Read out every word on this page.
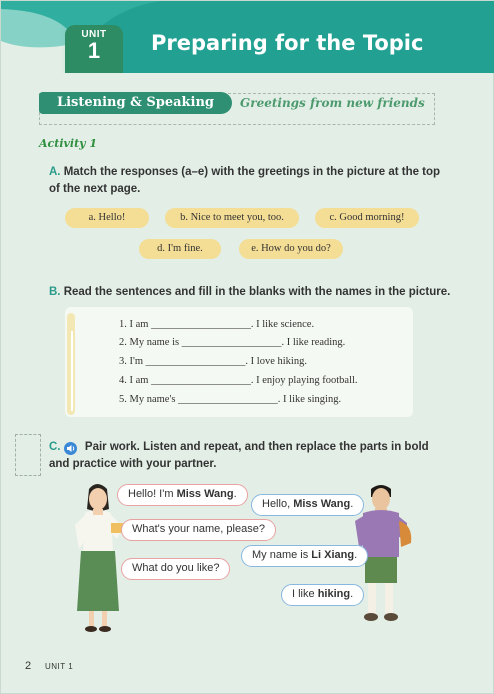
UNIT
1	Preparing for the Topic
Listening & Speaking	Greetings from new friends
Activity 1
A. Match the responses (a–e) with the greetings in the picture at the top of the next page.
a. Hello!	b. Nice to meet you, too.	c. Good morning!
d. I'm fine.	e. How do you do?
B. Read the sentences and fill in the blanks with the names in the picture.
1. I am ___________________. I like science.
2. My name is ___________________. I like reading.
3. I'm ___________________. I love hiking.
4. I am ___________________. I enjoy playing football.
5. My name's ___________________. I like singing.
C. Pair work. Listen and repeat, and then replace the parts in bold and practice with your partner.
Hello! I'm Miss Wang.
Hello, Miss Wang.
What's your name, please?
My name is Li Xiang.
What do you like?
I like hiking.
2 UNIT 1
